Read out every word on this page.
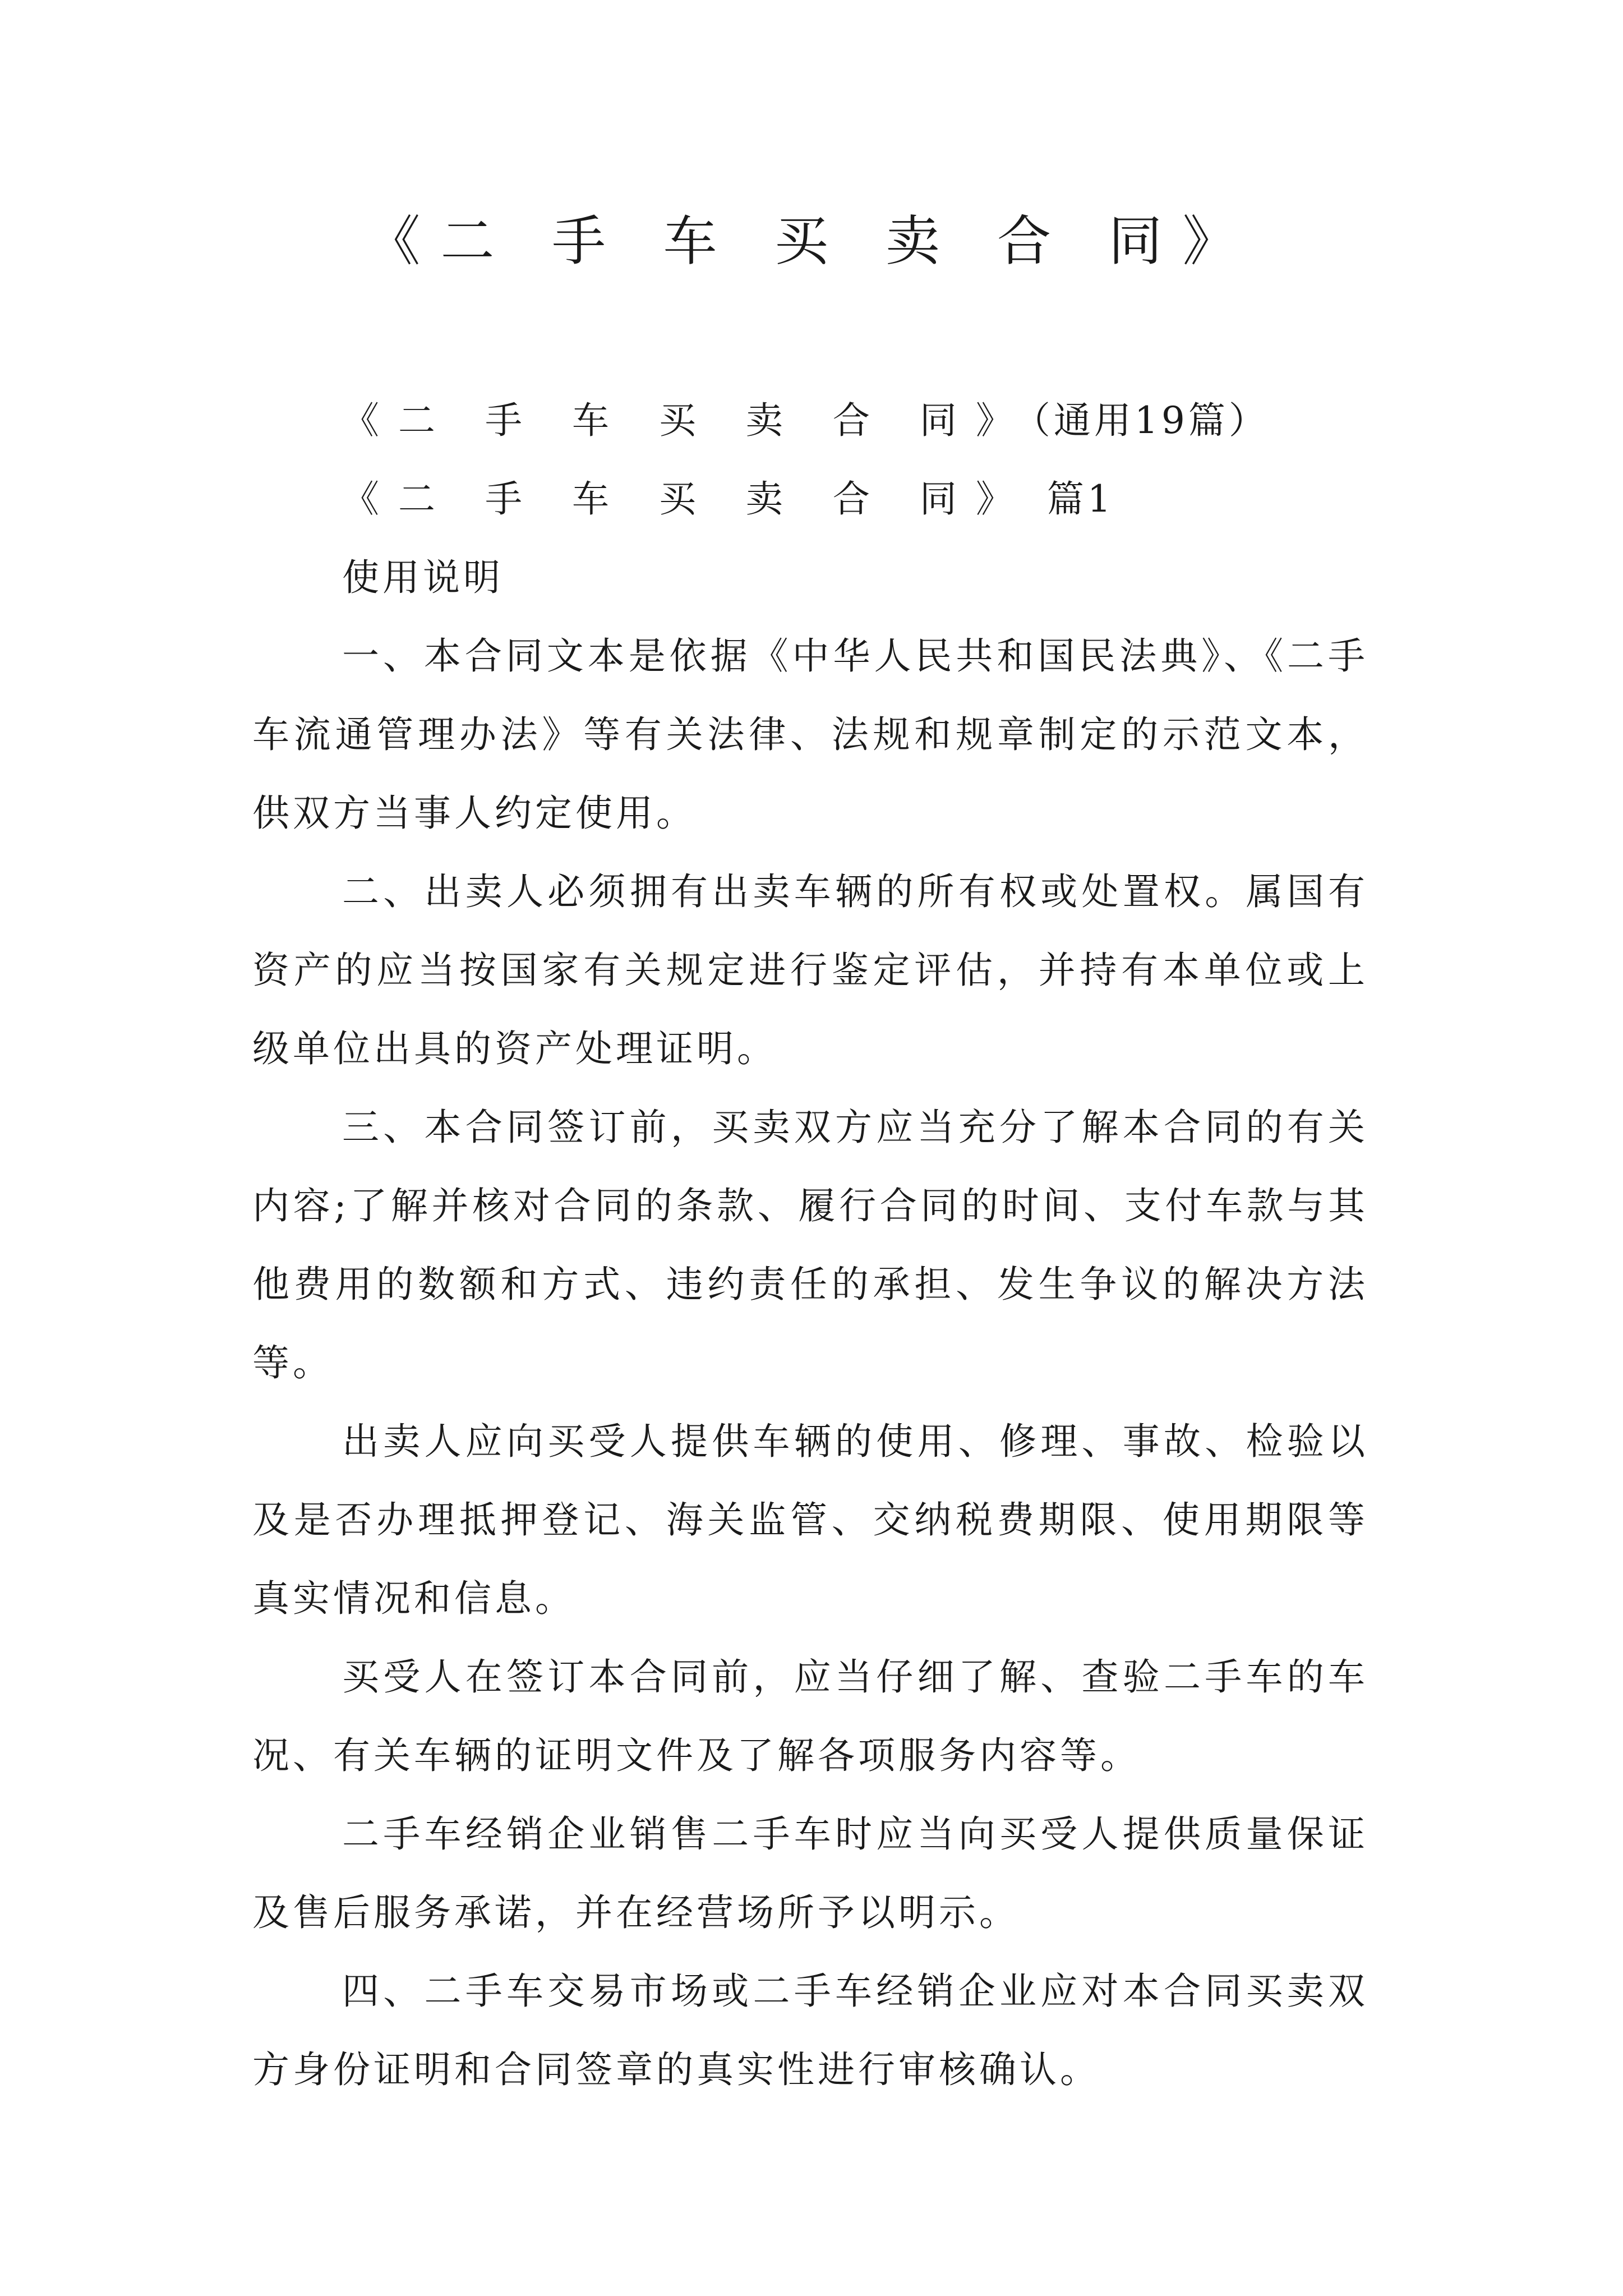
《二 手 车 买 卖 合 同》

《二 手 车 买 卖 合 同》（通用19篇）

《二 手 车 买 卖 合 同》 篇1

使用说明

一、本合同文本是依据《中华人民共和国民法典》、《二手车流通管理办法》等有关法律、法规和规章制定的示范文本，供双方当事人约定使用。

二、出卖人必须拥有出卖车辆的所有权或处置权。属国有资产的应当按国家有关规定进行鉴定评估，并持有本单位或上级单位出具的资产处理证明。

三、本合同签订前，买卖双方应当充分了解本合同的有关内容;了解并核对合同的条款、履行合同的时间、支付车款与其他费用的数额和方式、违约责任的承担、发生争议的解决方法等。

出卖人应向买受人提供车辆的使用、修理、事故、检验以及是否办理抵押登记、海关监管、交纳税费期限、使用期限等真实情况和信息。

买受人在签订本合同前，应当仔细了解、查验二手车的车况、有关车辆的证明文件及了解各项服务内容等。

二手车经销企业销售二手车时应当向买受人提供质量保证及售后服务承诺，并在经营场所予以明示。

四、二手车交易市场或二手车经销企业应对本合同买卖双方身份证明和合同签章的真实性进行审核确认。
